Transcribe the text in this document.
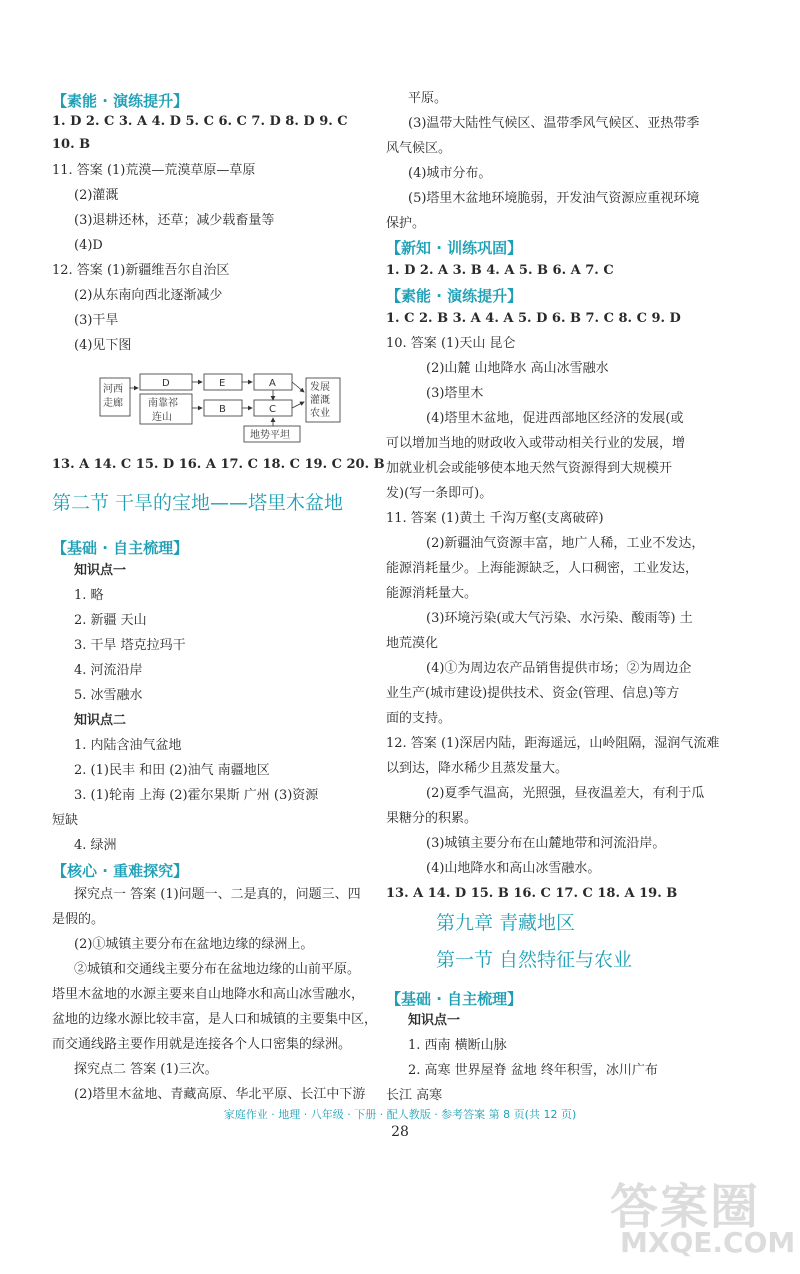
【素能 · 演练提升】
1. D 2. C 3. A 4. D 5. C 6. C 7. D 8. D 9. C
10. B
11. 答案 (1)荒漠—荒漠草原—草原
(2)灌溉
(3)退耕还林，还草；减少载畜量等
(4)D
12. 答案 (1)新疆维吾尔自治区
(2)从东南向西北逐渐减少
(3)干旱
(4)见下图
13. A 14. C 15. D 16. A 17. C 18. C 19. C 20. B
第二节 干旱的宝地——塔里木盆地
【基础 · 自主梳理】
知识点一
1. 略
2. 新疆 天山
3. 干旱 塔克拉玛干
4. 河流沿岸
5. 冰雪融水
知识点二
1. 内陆含油气盆地
2. (1)民丰 和田 (2)油气 南疆地区
3. (1)轮南 上海 (2)霍尔果斯 广州 (3)资源
短缺
4. 绿洲
【核心 · 重难探究】
探究点一 答案 (1)问题一、二是真的，问题三、四
是假的。
(2)①城镇主要分布在盆地边缘的绿洲上。
②城镇和交通线主要分布在盆地边缘的山前平原。
塔里木盆地的水源主要来自山地降水和高山冰雪融水，
盆地的边缘水源比较丰富，是人口和城镇的主要集中区，
而交通线路主要作用就是连接各个人口密集的绿洲。
探究点二 答案 (1)三次。
(2)塔里木盆地、青藏高原、华北平原、长江中下游
河西
走廊
D	E	A
南靠祁
连山
B	C
发展
灌溉
农业
地势平坦
平原。
(3)温带大陆性气候区、温带季风气候区、亚热带季
风气候区。
(4)城市分布。
(5)塔里木盆地环境脆弱，开发油气资源应重视环境
保护。
【新知 · 训练巩固】
1. D 2. A 3. B 4. A 5. B 6. A 7. C
【素能 · 演练提升】
1. C 2. B 3. A 4. A 5. D 6. B 7. C 8. C 9. D
10. 答案 (1)天山 昆仑
(2)山麓 山地降水 高山冰雪融水
(3)塔里木
(4)塔里木盆地，促进西部地区经济的发展(或
可以增加当地的财政收入或带动相关行业的发展，增
加就业机会或能够使本地天然气资源得到大规模开
发)(写一条即可)。
11. 答案 (1)黄土 千沟万壑(支离破碎)
(2)新疆油气资源丰富，地广人稀，工业不发达，
能源消耗量少。上海能源缺乏，人口稠密，工业发达，
能源消耗量大。
(3)环境污染(或大气污染、水污染、酸雨等) 土
地荒漠化
(4)①为周边农产品销售提供市场；②为周边企
业生产(城市建设)提供技术、资金(管理、信息)等方
面的支持。
12. 答案 (1)深居内陆，距海遥远，山岭阻隔，湿润气流难
以到达，降水稀少且蒸发量大。
(2)夏季气温高，光照强，昼夜温差大，有利于瓜
果糖分的积累。
(3)城镇主要分布在山麓地带和河流沿岸。
(4)山地降水和高山冰雪融水。
13. A 14. D 15. B 16. C 17. C 18. A 19. B
第九章 青藏地区
第一节 自然特征与农业
【基础 · 自主梳理】
知识点一
1. 西南 横断山脉
2. 高寒 世界屋脊 盆地 终年积雪，冰川广布
长江 高寒
家庭作业 · 地理 · 八年级 · 下册 · 配人教版 · 参考答案 第 8 页(共 12 页)
28
答案圈
MXQE.COM
